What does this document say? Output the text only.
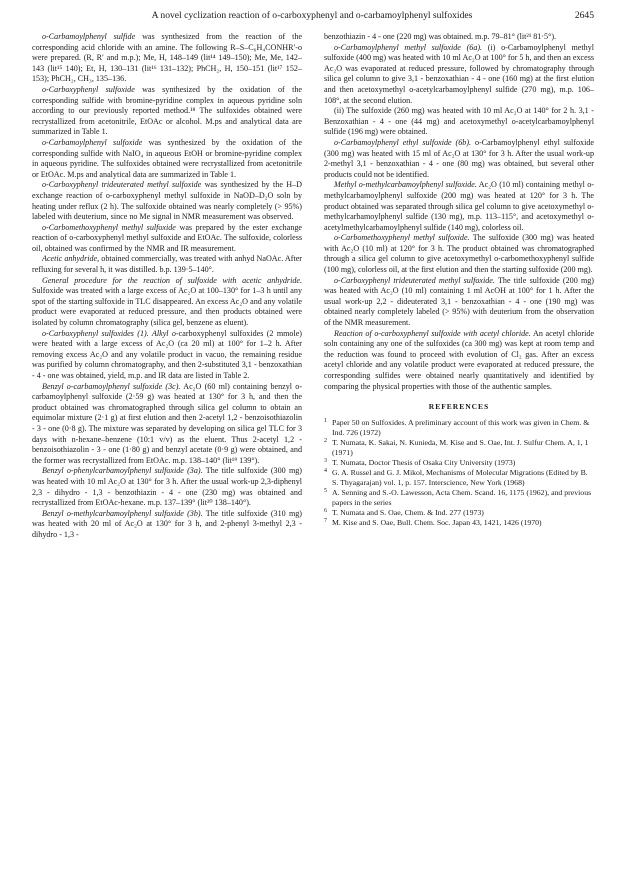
A novel cyclization reaction of o-carboxyphenyl and o-carbamoylphenyl sulfoxides	2645

o-Carbamoylphenyl sulfide was synthesized from the reaction of the corresponding acid chloride with an amine. The following R–S–C₆H₄CONHR′-o were prepared. (R, R′ and m.p.); Me, H, 148–149 (lit¹⁴ 149–150); Me, Me, 142–143 (lit¹⁵ 140); Et, H, 130–131 (lit¹⁶ 131–132); PhCH₂, H, 150–151 (lit¹⁷ 152–153); PhCH₂, CH₃, 135–136.

o-Carboxyphenyl sulfoxide was synthesized by the oxidation of the corresponding sulfide with bromine-pyridine complex in aqueous pyridine soln according to our previously reported method.¹⁸ The sulfoxides obtained were recrystallized from acetonitrile, EtOAc or alcohol. M.ps and analytical data are summarized in Table 1.

o-Carbamoylphenyl sulfoxide was synthesized by the oxidation of the corresponding sulfide with NaIO₄ in aqueous EtOH or bromine-pyridine complex in aqueous pyridine. The sulfoxides obtained were recrystallized from acetonitrile or EtOAc. M.ps and analytical data are summarized in Table 1.

o-Carboxyphenyl trideuterated methyl sulfoxide was synthesized by the H–D exchange reaction of o-carboxyphenyl methyl sulfoxide in NaOD–D₂O soln by heating under reflux (2 h). The sulfoxide obtained was nearly completely (> 95%) labeled with deuterium, since no Me signal in NMR measurement was observed.

o-Carbomethoxyphenyl methyl sulfoxide was prepared by the ester exchange reaction of o-carboxyphenyl methyl sulfoxide and EtOAc. The sulfoxide, colorless oil, obtained was confirmed by the NMR and IR measurement.

Acetic anhydride, obtained commercially, was treated with anhyd NaOAc. After refluxing for several h, it was distilled. b.p. 139·5–140°.

General procedure for the reaction of sulfoxide with acetic anhydride. Sulfoxide was treated with a large excess of Ac₂O at 100–130° for 1–3 h until any spot of the starting sulfoxide in TLC disappeared. An excess Ac₂O and any volatile product were evaporated at reduced pressure, and then products obtained were isolated by column chromatography (silica gel, benzene as eluent).

o-Carboxyphenyl sulfoxides (1). Alkyl o-carboxyphenyl sulfoxides (2 mmole) were heated with a large excess of Ac₂O (ca 20 ml) at 100° for 1–2 h. After removing excess Ac₂O and any volatile product in vacuo, the remaining residue was purified by column chromatography, and then 2-substituted 3,1 - benzoxathian - 4 - one was obtained, yield, m.p. and IR data are listed in Table 2.

Benzyl o-carbamoylphenyl sulfoxide (3c). Ac₂O (60 ml) containing benzyl o-carbamoylphenyl sulfoxide (2·59 g) was heated at 130° for 3 h, and then the product obtained was chromatographed through silica gel column to obtain an equimolar mixture (2·1 g) at first elution and then 2-acetyl 1,2 - benzoisothiazolin - 3 - one (0·8 g). The mixture was separated by developing on silica gel TLC for 3 days with n-hexane–benzene (10:1 v/v) as the eluent. Thus 2-acetyl 1,2 - benzoisothiazolin - 3 - one (1·80 g) and benzyl acetate (0·9 g) were obtained, and the former was recrystallized from EtOAc. m.p. 138–140° (lit¹⁹ 139°).

Benzyl o-phenylcarbamoylphenyl sulfoxide (3a). The title sulfoxide (300 mg) was heated with 10 ml Ac₂O at 130° for 3 h. After the usual work-up 2,3-diphenyl 2,3 - dihydro - 1,3 - benzothiazin - 4 - one (230 mg) was obtained and recrystallized from EtOAc-hexane. m.p. 137–139° (lit²⁰ 138–140°).

Benzyl o-methylcarbamoylphenyl sulfoxide (3b). The title sulfoxide (310 mg) was heated with 20 ml of Ac₂O at 130° for 3 h, and 2-phenyl 3-methyl 2,3 - dihydro - 1,3 -

benzothiazin - 4 - one (220 mg) was obtained. m.p. 79–81° (lit²¹ 81·5°).

o-Carbamoylphenyl methyl sulfoxide (6a). (i) o-Carbamoylphenyl methyl sulfoxide (400 mg) was heated with 10 ml Ac₂O at 100° for 5 h, and then an excess Ac₂O was evaporated at reduced pressure, followed by chromatography through silica gel column to give 3,1 - benzoxathian - 4 - one (160 mg) at the first elution and then acetoxymethyl o-acetylcarbamoylphenyl sulfide (270 mg), m.p. 106–108°, at the second elution.

(ii) The sulfoxide (260 mg) was heated with 10 ml Ac₂O at 140° for 2 h. 3,1 - Benzoxathian - 4 - one (44 mg) and acetoxymethyl o-acetylcarbamoylphenyl sulfide (196 mg) were obtained.

o-Carbamoylphenyl ethyl sulfoxide (6b). o-Carbamoylphenyl ethyl sulfoxide (300 mg) was heated with 15 ml of Ac₂O at 130° for 3 h. After the usual work-up 2-methyl 3,1 - benzoxathian - 4 - one (80 mg) was obtained, but several other products could not be identified.

Methyl o-methylcarbamoylphenyl sulfoxide. Ac₂O (10 ml) containing methyl o-methylcarbamoylphenyl sulfoxide (200 mg) was heated at 120° for 3 h. The product obtained was separated through silica gel column to give acetoxymethyl o-methylcarbamoylphenyl sulfide (130 mg), m.p. 113–115°, and acetoxymethyl o-acetylmethylcarbamoylphenyl sulfide (140 mg), colorless oil.

o-Carbomethoxyphenyl methyl sulfoxide. The sulfoxide (300 mg) was heated with Ac₂O (10 ml) at 120° for 3 h. The product obtained was chromatographed through a silica gel column to give acetoxymethyl o-carbomethoxyphenyl sulfide (100 mg), colorless oil, at the first elution and then the starting sulfoxide (200 mg).

o-Carboxyphenyl trideuterated methyl sulfoxide. The title sulfoxide (200 mg) was heated with Ac₂O (10 ml) containing 1 ml AcOH at 100° for 1 h. After the usual work-up 2,2 - dideuterated 3,1 - benzoxathian - 4 - one (190 mg) was obtained nearly completely labeled (> 95%) with deuterium from the observation of the NMR measurement.

Reaction of o-carboxyphenyl sulfoxide with acetyl chloride. An acetyl chloride soln containing any one of the sulfoxides (ca 300 mg) was kept at room temp and the reduction was found to proceed with evolution of Cl₂ gas. After an excess acetyl chloride and any volatile product were evaporated at reduced pressure, the corresponding sulfides were obtained nearly quantitatively and identified by comparing the physical properties with those of the authentic samples.

REFERENCES

1 Paper 50 on Sulfoxides. A preliminary account of this work was given in Chem. & Ind. 726 (1972)

2 T. Numata, K. Sakai, N. Kunieda, M. Kise and S. Oae, Int. J. Sulfur Chem. A, 1, 1 (1971)

3 T. Numata, Doctor Thesis of Osaka City University (1973)

4 G. A. Russel and G. J. Mikol, Mechanisms of Molecular Migrations (Edited by B. S. Thyagarajan) vol. 1, p. 157. Interscience, New York (1968)

5 A. Senning and S.-O. Lawesson, Acta Chem. Scand. 16, 1175 (1962), and previous papers in the series

6 T. Numata and S. Oae, Chem. & Ind. 277 (1973)

7 M. Kise and S. Oae, Bull. Chem. Soc. Japan 43, 1421, 1426 (1970)
